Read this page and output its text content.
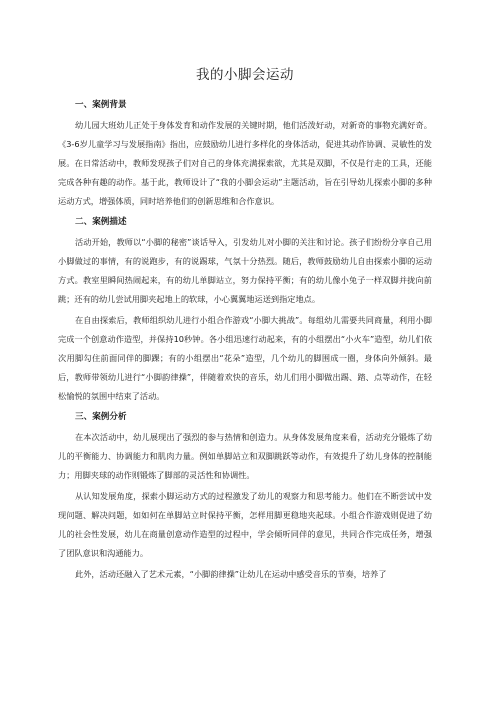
我的小脚会运动
一、案例背景

幼儿园大班幼儿正处于身体发育和动作发展的关键时期，他们活泼好动，对新奇的事物充满好奇。《3-6岁儿童学习与发展指南》指出，应鼓励幼儿进行多样化的身体活动，促进其动作协调、灵敏性的发展。在日常活动中，教师发现孩子们对自己的身体充满探索欲，尤其是双脚，不仅是行走的工具，还能完成各种有趣的动作。基于此，教师设计了“我的小脚会运动”主题活动，旨在引导幼儿探索小脚的多种运动方式，增强体质，同时培养他们的创新思维和合作意识。

二、案例描述

活动开始，教师以“小脚的秘密”谈话导入，引发幼儿对小脚的关注和讨论。孩子们纷纷分享自己用小脚做过的事情，有的说跑步，有的说踢球，气氛十分热烈。随后，教师鼓励幼儿自由探索小脚的运动方式。教室里瞬间热闹起来，有的幼儿单脚站立，努力保持平衡；有的幼儿像小兔子一样双脚并拢向前跳；还有的幼儿尝试用脚夹起地上的软球，小心翼翼地运送到指定地点。

在自由探索后，教师组织幼儿进行小组合作游戏“小脚大挑战”。每组幼儿需要共同商量，利用小脚完成一个创意动作造型，并保持10秒钟。各小组迅速行动起来，有的小组摆出“小火车”造型，幼儿们依次用脚勾住前面同伴的脚踝；有的小组摆出“花朵”造型，几个幼儿的脚围成一圈，身体向外倾斜。最后，教师带领幼儿进行“小脚韵律操”，伴随着欢快的音乐，幼儿们用小脚做出踢、踏、点等动作，在轻松愉悦的氛围中结束了活动。

三、案例分析

在本次活动中，幼儿展现出了强烈的参与热情和创造力。从身体发展角度来看，活动充分锻炼了幼儿的平衡能力、协调能力和肌肉力量。例如单脚站立和双脚跳跃等动作，有效提升了幼儿身体的控制能力；用脚夹球的动作则锻炼了脚部的灵活性和协调性。

从认知发展角度，探索小脚运动方式的过程激发了幼儿的观察力和思考能力。他们在不断尝试中发现问题、解决问题，如如何在单脚站立时保持平衡，怎样用脚更稳地夹起球。小组合作游戏则促进了幼儿的社会性发展，幼儿在商量创意动作造型的过程中，学会倾听同伴的意见，共同合作完成任务，增强了团队意识和沟通能力。

此外，活动还融入了艺术元素，“小脚韵律操”让幼儿在运动中感受音乐的节奏，培养了
